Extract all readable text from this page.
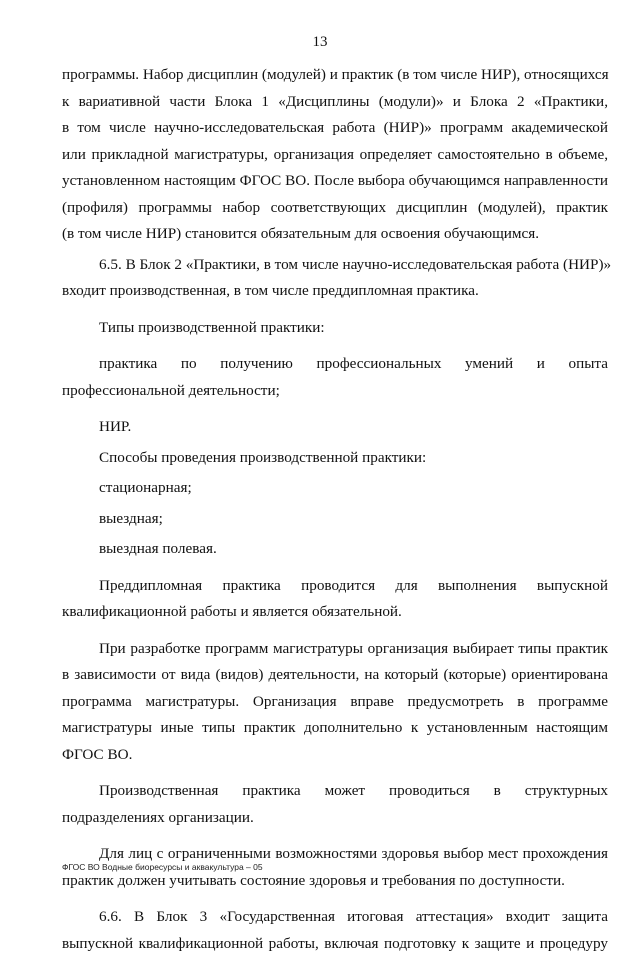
13
программы. Набор дисциплин (модулей) и практик (в том числе НИР), относящихся
к вариативной части Блока 1 «Дисциплины (модули)» и Блока 2 «Практики,
в том числе научно-исследовательская работа (НИР)» программ академической
или прикладной магистратуры, организация определяет самостоятельно в объеме,
установленном настоящим ФГОС ВО. После выбора обучающимся направленности
(профиля) программы набор соответствующих дисциплин (модулей), практик
(в том числе НИР) становится обязательным для освоения обучающимся.
6.5. В Блок 2 «Практики, в том числе научно-исследовательская работа (НИР)»
входит производственная, в том числе преддипломная практика.
Типы производственной практики:
практика по получению профессиональных умений и опыта
профессиональной деятельности;
НИР.
Способы проведения производственной практики:
стационарная;
выездная;
выездная полевая.
Преддипломная практика проводится для выполнения выпускной
квалификационной работы и является обязательной.
При разработке программ магистратуры организация выбирает типы практик
в зависимости от вида (видов) деятельности, на который (которые) ориентирована
программа магистратуры. Организация вправе предусмотреть в программе
магистратуры иные типы практик дополнительно к установленным настоящим
ФГОС ВО.
Производственная практика может проводиться в структурных
подразделениях организации.
Для лиц с ограниченными возможностями здоровья выбор мест прохождения
практик должен учитывать состояние здоровья и требования по доступности.
6.6. В Блок 3 «Государственная итоговая аттестация» входит защита
выпускной квалификационной работы, включая подготовку к защите и процедуру
ФГОС ВО Водные биоресурсы и аквакультура – 05
